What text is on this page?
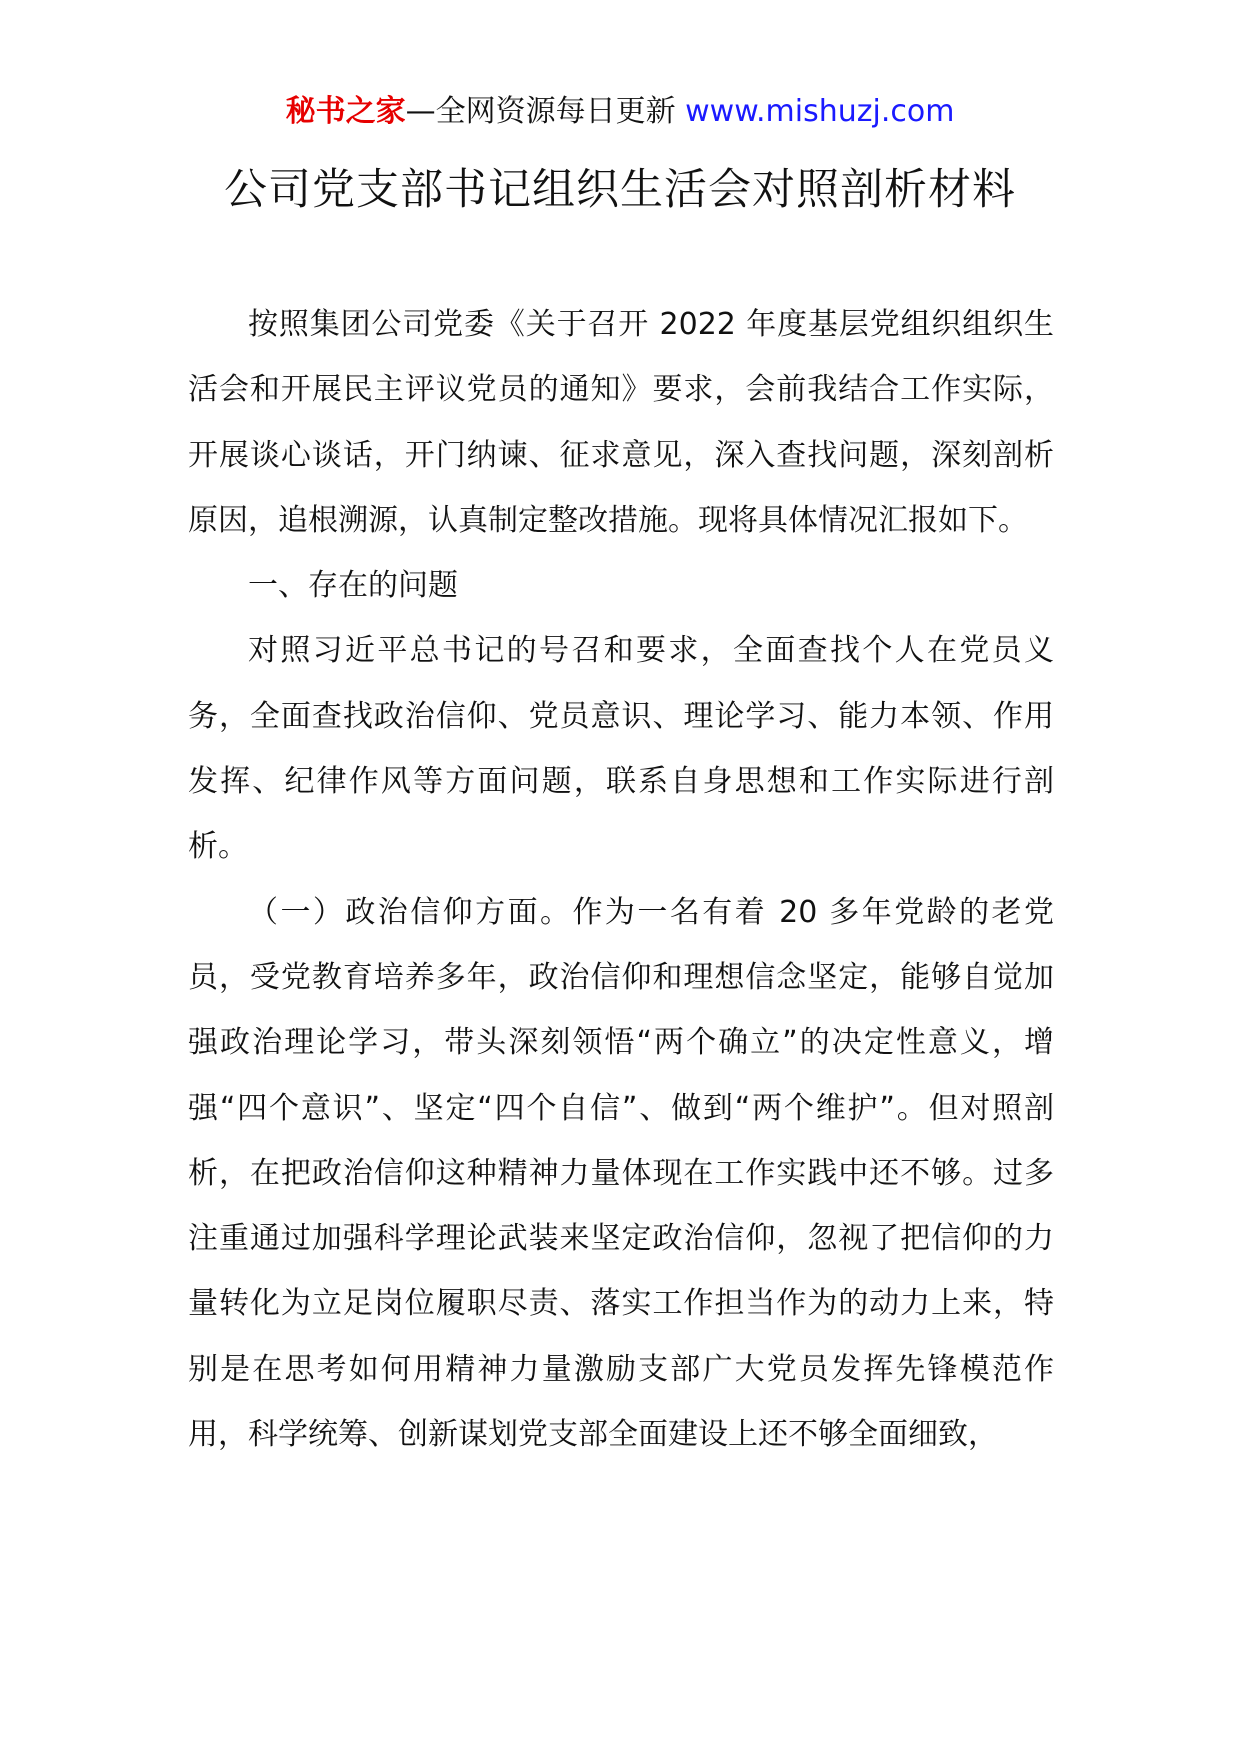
秘书之家—全网资源每日更新 www.mishuzj.com
公司党支部书记组织生活会对照剖析材料

按照集团公司党委《关于召开 2022 年度基层党组织组织生活会和开展民主评议党员的通知》要求，会前我结合工作实际，开展谈心谈话，开门纳谏、征求意见，深入查找问题，深刻剖析原因，追根溯源，认真制定整改措施。现将具体情况汇报如下。

一、存在的问题

对照习近平总书记的号召和要求，全面查找个人在党员义务，全面查找政治信仰、党员意识、理论学习、能力本领、作用发挥、纪律作风等方面问题，联系自身思想和工作实际进行剖析。

（一）政治信仰方面。作为一名有着 20 多年党龄的老党员，受党教育培养多年，政治信仰和理想信念坚定，能够自觉加强政治理论学习，带头深刻领悟“两个确立”的决定性意义，增强“四个意识”、坚定“四个自信”、做到“两个维护”。但对照剖析，在把政治信仰这种精神力量体现在工作实践中还不够。过多注重通过加强科学理论武装来坚定政治信仰，忽视了把信仰的力量转化为立足岗位履职尽责、落实工作担当作为的动力上来，特别是在思考如何用精神力量激励支部广大党员发挥先锋模范作用，科学统筹、创新谋划党支部全面建设上还不够全面细致，
